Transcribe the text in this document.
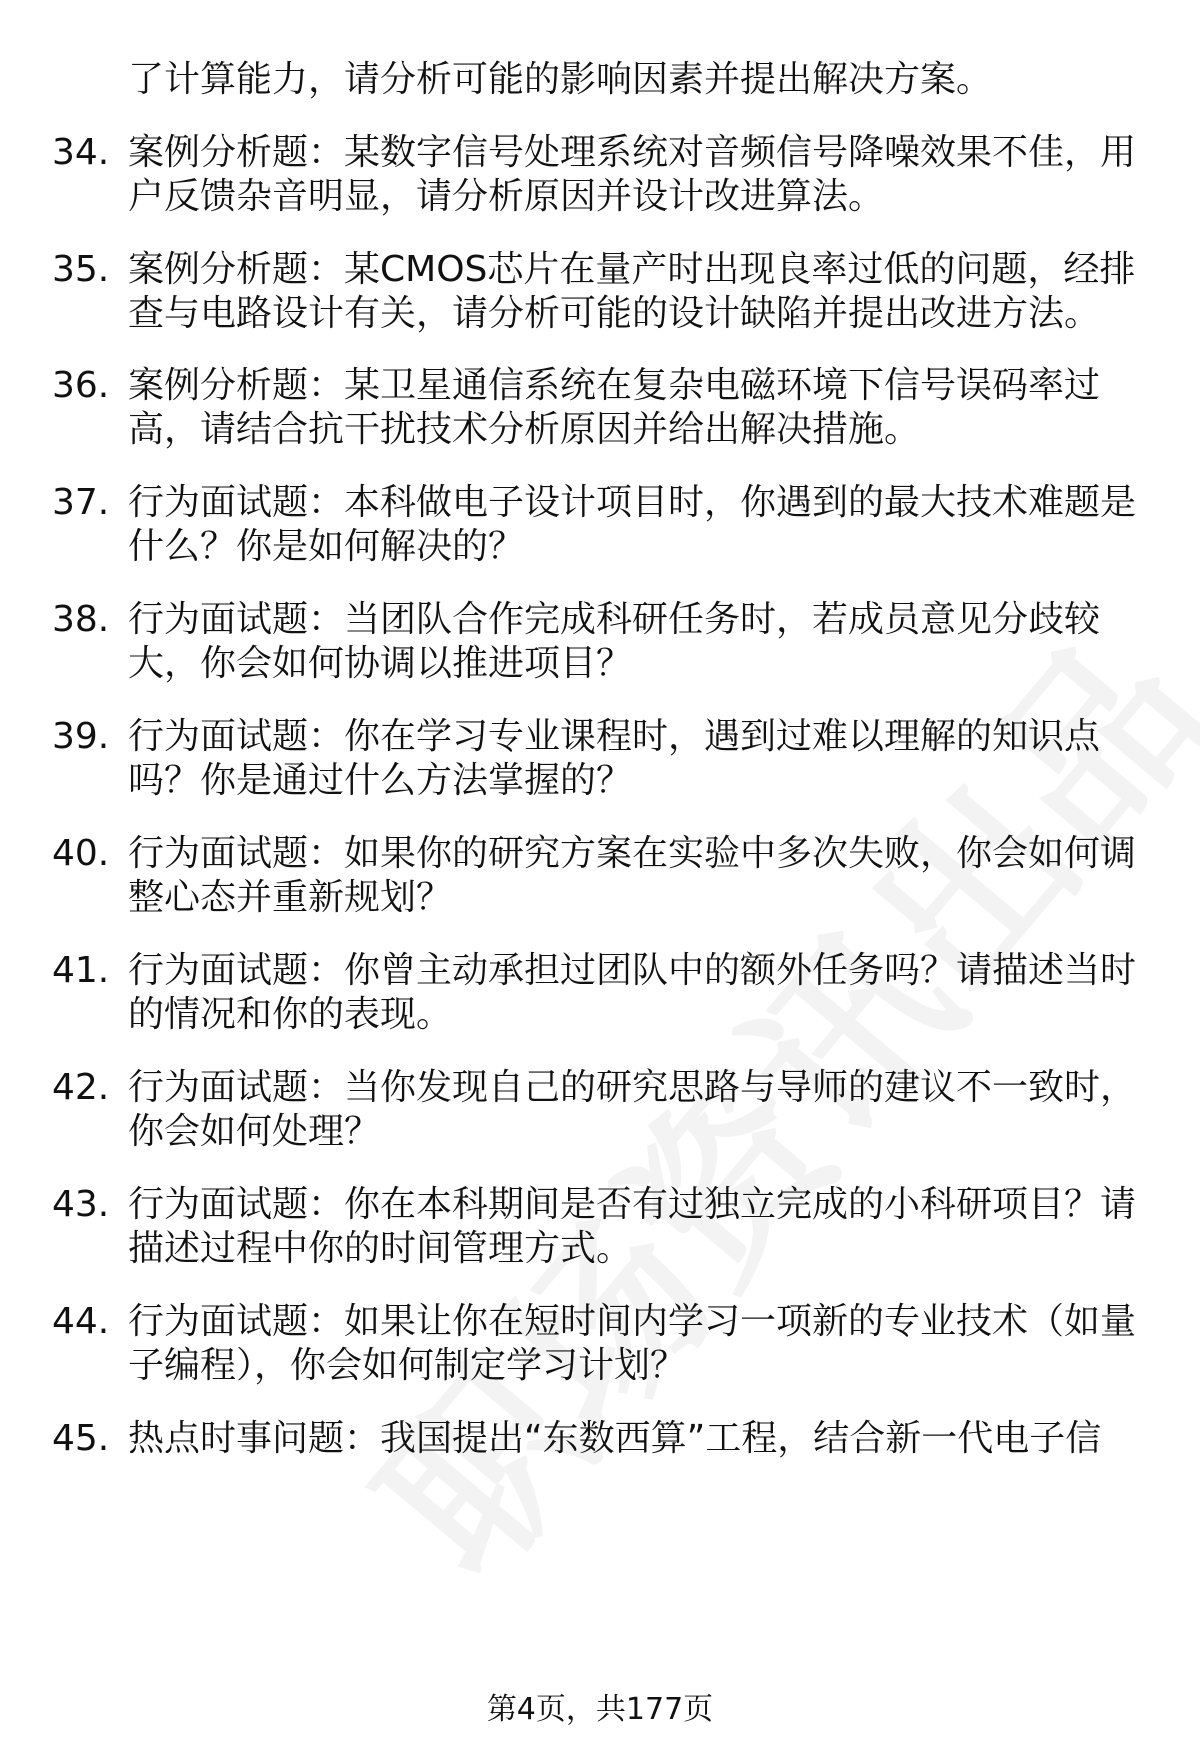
了计算能力，请分析可能的影响因素并提出解决方案。
34. 案例分析题：某数字信号处理系统对音频信号降噪效果不佳，用
户反馈杂音明显，请分析原因并设计改进算法。
35. 案例分析题：某CMOS芯片在量产时出现良率过低的问题，经排
查与电路设计有关，请分析可能的设计缺陷并提出改进方法。
36. 案例分析题：某卫星通信系统在复杂电磁环境下信号误码率过
高，请结合抗干扰技术分析原因并给出解决措施。
37. 行为面试题：本科做电子设计项目时，你遇到的最大技术难题是
什么？你是如何解决的？
38. 行为面试题：当团队合作完成科研任务时，若成员意见分歧较
大，你会如何协调以推进项目？
39. 行为面试题：你在学习专业课程时，遇到过难以理解的知识点
吗？你是通过什么方法掌握的？
40. 行为面试题：如果你的研究方案在实验中多次失败，你会如何调
整心态并重新规划？
41. 行为面试题：你曾主动承担过团队中的额外任务吗？请描述当时
的情况和你的表现。
42. 行为面试题：当你发现自己的研究思路与导师的建议不一致时，
你会如何处理？
43. 行为面试题：你在本科期间是否有过独立完成的小科研项目？请
描述过程中你的时间管理方式。
44. 行为面试题：如果让你在短时间内学习一项新的专业技术（如量
子编程），你会如何制定学习计划？
45. 热点时事问题：我国提出“东数西算”工程，结合新一代电子信
第4页，共177页
